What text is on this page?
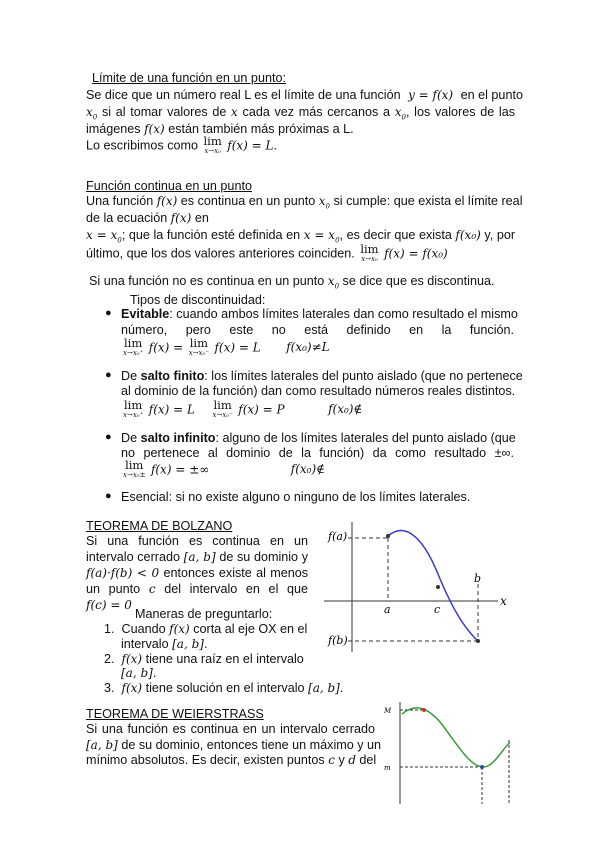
Límite de una función en un punto:
Se dice que un número real L es el límite de una función y = f(x) en el punto
$x_0$ si al tomar valores de x cada vez más cercanos a $x_0$, los valores de las
imágenes f(x) están también más próximas a L.
Lo escribimos como lim
x→x₀ f(x) = L.
Función continua en un punto
Una función f(x) es continua en un punto $x_0$ si cumple: que exista el límite real
de la ecuación f(x) en
$x = x_0$; que la función esté definida en $x = x_0$, es decir que exista f(x₀) y, por
último, que los dos valores anteriores coinciden. lim
x→x₀ f(x) = f(x₀)
Si una función no es continua en un punto $x_0$ se dice que es discontinua.
Tipos de discontinuidad:
● Evitable: cuando ambos límites laterales dan como resultado el mismo
número, pero este no está definido en la función.
lim
x→x₀⁺ f(x) = lim
x→x₀⁻ f(x) = L f(x₀)≠L
● De salto finito: los límites laterales del punto aislado (que no pertenece
al dominio de la función) dan como resultado números reales distintos.
lim
x→x₀⁺ f(x) = L lim
x→x₀⁻ f(x) = P	f(x₀)∉
● De salto infinito: alguno de los límites laterales del punto aislado (que
no pertenece al dominio de la función) da como resultado ±∞.
lim
x→x₀± f(x) = ±∞	f(x₀)∉
● Esencial: si no existe alguno o ninguno de los límites laterales.
TEOREMA DE BOLZANO
Si una función es continua en un
intervalo cerrado [a, b] de su dominio y
f(a)·f(b) < 0 entonces existe al menos
un punto c del intervalo en el que
f(c) = 0
Maneras de preguntarlo:
1. Cuando f(x) corta al eje OX en el
intervalo [a, b].
2. f(x) tiene una raíz en el intervalo
[a, b].
3. f(x) tiene solución en el intervalo [a, b].
f(a)
f(b)
a	c
b
x
TEOREMA DE WEIERSTRASS
Si una función es continua en un intervalo cerrado
[a, b] de su dominio, entonces tiene un máximo y un
mínimo absolutos. Es decir, existen puntos c y d del
M
m
